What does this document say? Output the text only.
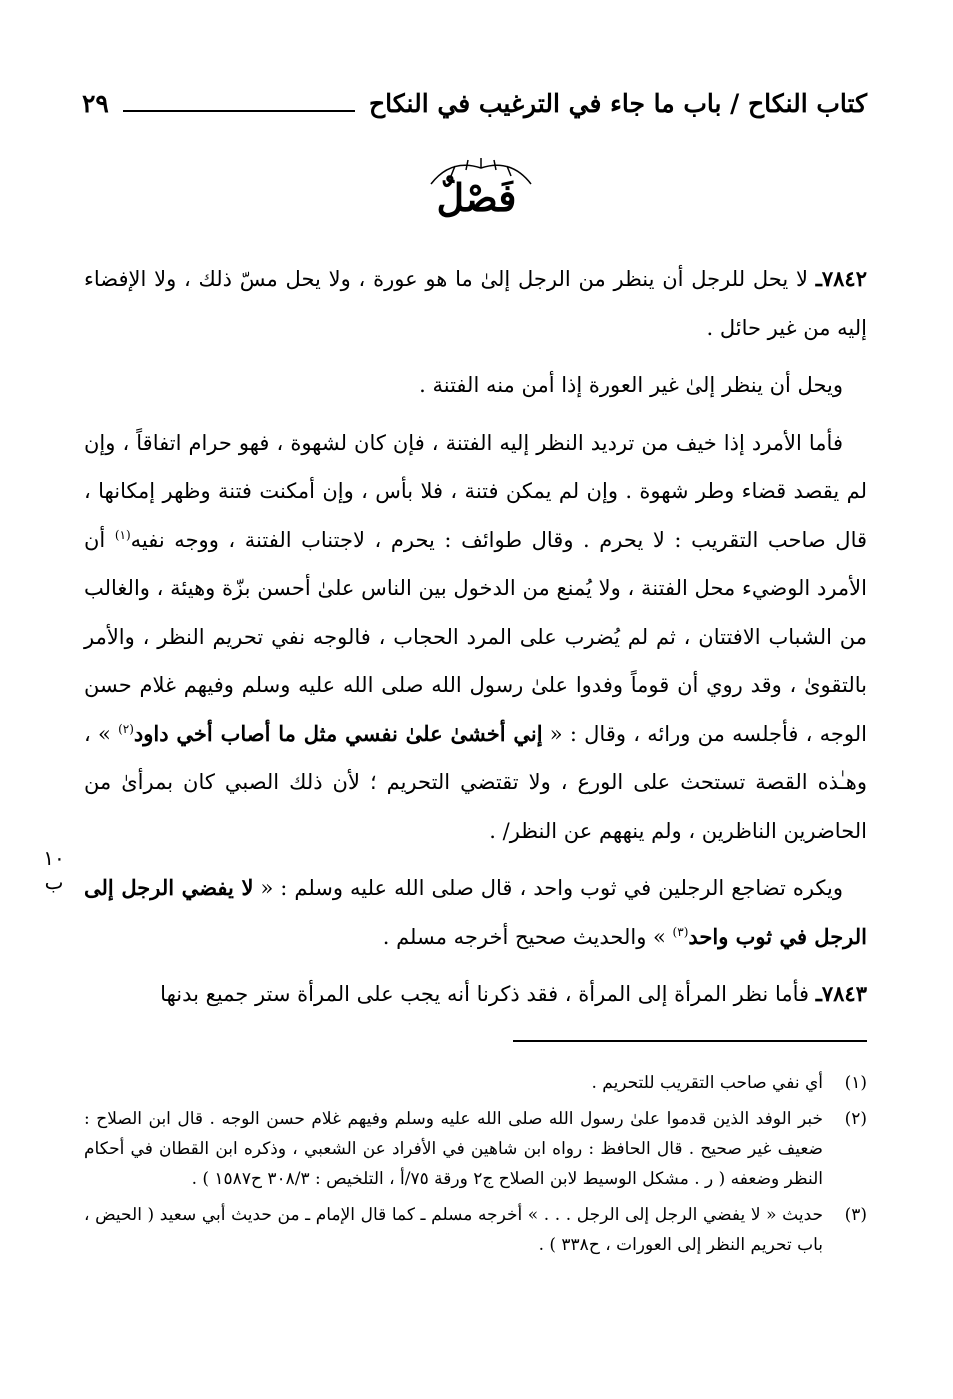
كتاب النكاح / باب ما جاء في الترغيب في النكاح
٢٩
فَصْلٌ

٧٨٤٢ـ لا يحل للرجل أن ينظر من الرجل إلىٰ ما هو عورة ، ولا يحل مسّ ذلك ، ولا الإفضاء إليه من غير حائل .

ويحل أن ينظر إلىٰ غير العورة إذا أمن منه الفتنة .

فأما الأمرد إذا خيف من ترديد النظر إليه الفتنة ، فإن كان لشهوة ، فهو حرام اتفاقاً ، وإن لم يقصد قضاء وطر شهوة . وإن لم يمكن فتنة ، فلا بأس ، وإن أمكنت فتنة وظهر إمكانها ، قال صاحب التقريب : لا يحرم . وقال طوائف : يحرم ، لاجتناب الفتنة ، ووجه نفيه$^{(١)}$ أن الأمرد الوضيء محل الفتنة ، ولا يُمنع من الدخول بين الناس علىٰ أحسن بزّة وهيئة ، والغالب من الشباب الافتتان ، ثم لم يُضرب على المرد الحجاب ، فالوجه نفي تحريم النظر ، والأمر بالتقوىٰ ، وقد روي أن قوماً وفدوا علىٰ رسول الله صلى الله عليه وسلم وفيهم غلام حسن الوجه ، فأجلسه من ورائه ، وقال : « إني أخشىٰ علىٰ نفسي مثل ما أصاب أخي داود$^{(٢)}$ » ، وهـٰذه القصة تستحث على الورع ، ولا تقتضي التحريم ؛ لأن ذلك الصبي كان بمرأىٰ من الحاضرين الناظرين ، ولم ينههم عن النظر/ .

ويكره تضاجع الرجلين في ثوب واحد ، قال صلى الله عليه وسلم : « لا يفضي الرجل إلى الرجل في ثوب واحد$^{(٣)}$ » والحديث صحيح أخرجه مسلم .

٧٨٤٣ـ فأما نظر المرأة إلى المرأة ، فقد ذكرنا أنه يجب على المرأة ستر جميع بدنها

١٠ ب
(١)
أي نفي صاحب التقريب للتحريم .
(٢)
خبر الوفد الذين قدموا علىٰ رسول الله صلى الله عليه وسلم وفيهم غلام حسن الوجه . قال ابن الصلاح : ضعيف غير صحيح . قال الحافظ : رواه ابن شاهين في الأفراد عن الشعبي ، وذكره ابن القطان في أحكام النظر وضعفه ( ر . مشكل الوسيط لابن الصلاح ج٢ ورقة ٧٥/أ ، التلخيص : ٣٠٨/٣ ح١٥٨٧ ) .
(٣)
حديث « لا يفضي الرجل إلى الرجل . . . » أخرجه مسلم ـ كما قال الإمام ـ من حديث أبي سعيد ( الحيض ، باب تحريم النظر إلى العورات ، ح٣٣٨ ) .
